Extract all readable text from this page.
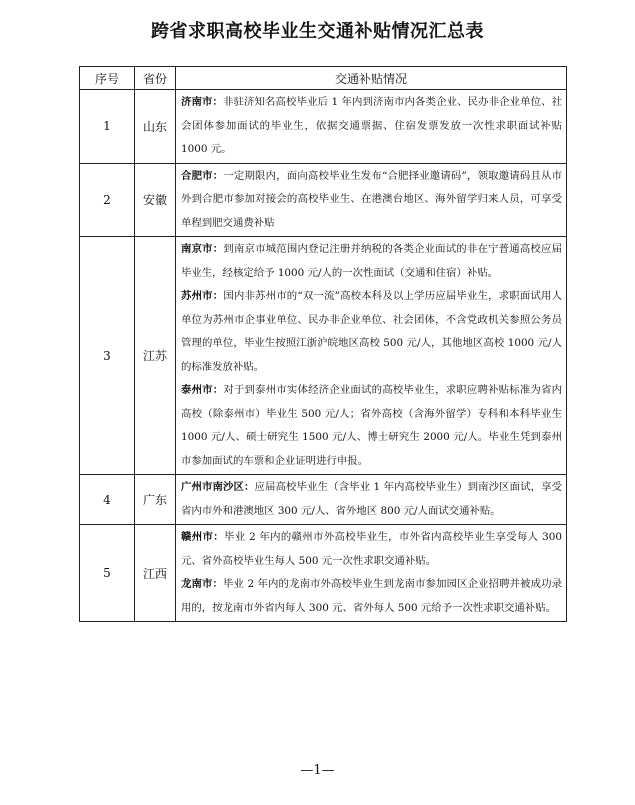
跨省求职高校毕业生交通补贴情况汇总表
序号	省份	交通补贴情况
1	山东	济南市：非驻济知名高校毕业后 1 年内到济南市内各类企业、民办非企业单位、社会团体参加面试的毕业生，依据交通票据、住宿发票发放一次性求职面试补贴 1000 元。

2	安徽	合肥市：一定期限内，面向高校毕业生发布“合肥择业邀请码”，领取邀请码且从市外到合肥市参加对接会的高校毕业生、在港澳台地区、海外留学归来人员，可享受单程到肥交通费补贴

3	江苏	南京市：到南京市城范围内登记注册并纳税的各类企业面试的非在宁普通高校应届毕业生，经核定给予 1000 元/人的一次性面试（交通和住宿）补贴。

苏州市：国内非苏州市的“双一流”高校本科及以上学历应届毕业生，求职面试用人单位为苏州市企事业单位、民办非企业单位、社会团体，不含党政机关参照公务员管理的单位，毕业生按照江浙沪皖地区高校 500 元/人，其他地区高校 1000 元/人的标准发放补贴。

泰州市：对于到泰州市实体经济企业面试的高校毕业生，求职应聘补贴标准为省内高校（除泰州市）毕业生 500 元/人；省外高校（含海外留学）专科和本科毕业生 1000 元/人、硕士研究生 1500 元/人、博士研究生 2000 元/人。毕业生凭到泰州市参加面试的车票和企业证明进行申报。

4	广东	广州市南沙区：应届高校毕业生（含毕业 1 年内高校毕业生）到南沙区面试，享受省内市外和港澳地区 300 元/人、省外地区 800 元/人面试交通补贴。

5	江西	赣州市：毕业 2 年内的赣州市外高校毕业生，市外省内高校毕业生享受每人 300 元、省外高校毕业生每人 500 元一次性求职交通补贴。

龙南市：毕业 2 年内的龙南市外高校毕业生到龙南市参加园区企业招聘并被成功录用的，按龙南市外省内每人 300 元、省外每人 500 元给予一次性求职交通补贴。

—1—
